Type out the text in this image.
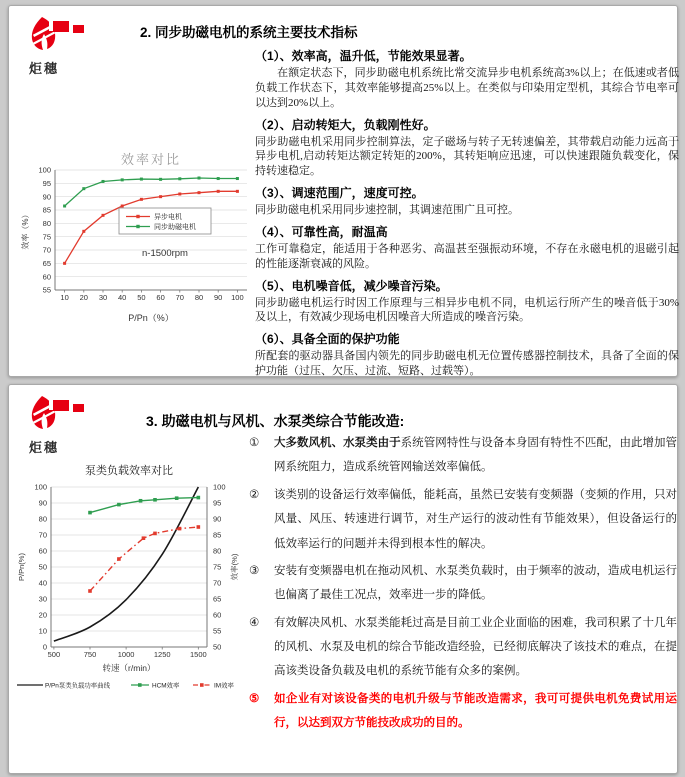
炬穗
2. 同步助磁电机的系统主要技术指标
55
60
65
70
75
80
85
90
95
100
10 20 30 40 50 60 70 80 90 100
效率对比
效率（%）
P/Pn（%）
异步电机
同步助磁电机
n-1500rpm
（1）、效率高，温升低，节能效果显著。
　　在额定状态下，同步助磁电机系统比常交流异步电机系统高3%以上；在低速或者低负载工作状态下，其效率能够提高25%以上。在类似与印染用定型机，其综合节电率可以达到20%以上。
（2）、启动转矩大，负载刚性好。
同步助磁电机采用同步控制算法，定子磁场与转子无转速偏差，其带载启动能力远高于异步电机,启动转矩达额定转矩的200%，其转矩响应迅速，可以快速跟随负载变化，保持转速稳定。
（3）、调速范围广，速度可控。
同步助磁电机采用同步速控制，其调速范围广且可控。
（4）、可靠性高，耐温高
工作可靠稳定，能适用于各种恶劣、高温甚至强振动环境，不存在永磁电机的退磁引起的性能逐渐衰减的风险。
（5）、电机噪音低，减少噪音污染。
同步助磁电机运行时因工作原理与三相异步电机不同，电机运行所产生的噪音低于30%及以上，有效减少现场电机因噪音大所造成的噪音污染。
（6）、具备全面的保护功能
所配套的驱动器具备国内领先的同步助磁电机无位置传感器控制技术，具备了全面的保护功能（过压、欠压、过流、短路、过载等）。
炬穗
3. 助磁电机与风机、水泵类综合节能改造:
0
10
20
30
40
50
60
70
80
90
100
50
55
60
65
70
75
80
85
90
95
100
500	750	1000	1250	1500
泵类负载效率对比
P/Pn(%)	效率(%)
转速（r/min）
P/Pn泵类负载功率曲线	HCM效率	IM效率
① 大多数风机、水泵类由于系统管网特性与设备本身固有特性不匹配，由此增加管网系统阻力，造成系统管网输送效率偏低。
② 该类别的设备运行效率偏低，能耗高，虽然已安装有变频器（变频的作用，只对风量、风压、转速进行调节，对生产运行的波动性有节能效果），但设备运行的低效率运行的问题并未得到根本性的解决。
③ 安装有变频器电机在拖动风机、水泵类负载时，由于频率的波动，造成电机运行也偏离了最佳工况点，效率进一步的降低。
④ 有效解决风机、水泵类能耗过高是目前工业企业面临的困难，我司积累了十几年的风机、水泵及电机的综合节能改造经验，已经彻底解决了该技术的难点，在提高该类设备负载及电机的系统节能有众多的案例。
⑤ 如企业有对该设备类的电机升级与节能改造需求，我可可提供电机免费试用运行，以达到双方节能技改成功的目的。
